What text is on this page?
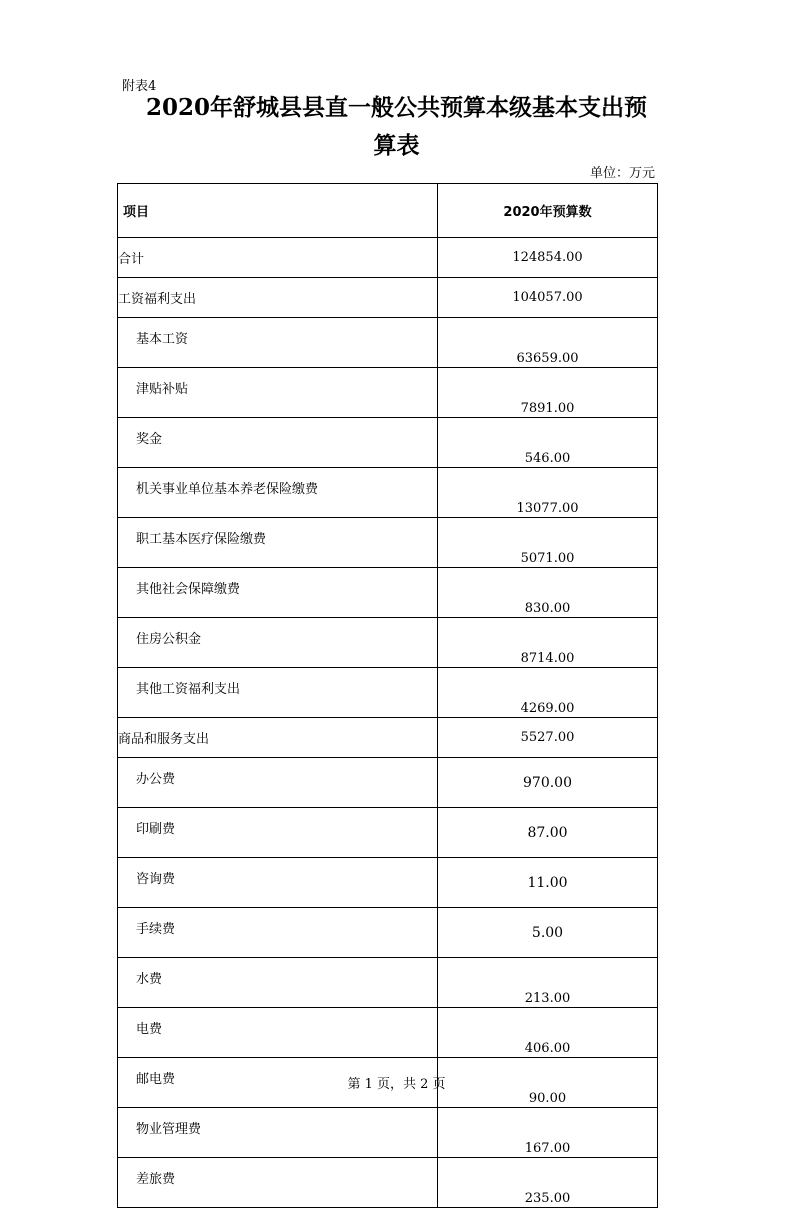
附表4
2020年舒城县县直一般公共预算本级基本支出预
算表
单位：万元
项目	2020年预算数
合计	124854.00
工资福利支出	104057.00
基本工资	63659.00
津贴补贴	7891.00
奖金	546.00
机关事业单位基本养老保险缴费	13077.00
职工基本医疗保险缴费	5071.00
其他社会保障缴费	830.00
住房公积金	8714.00
其他工资福利支出	4269.00
商品和服务支出	5527.00
办公费	970.00
印刷费	87.00
咨询费	11.00
手续费	5.00
水费	213.00
电费	406.00
邮电费	90.00
物业管理费	167.00
差旅费	235.00
第 1 页，共 2 页
